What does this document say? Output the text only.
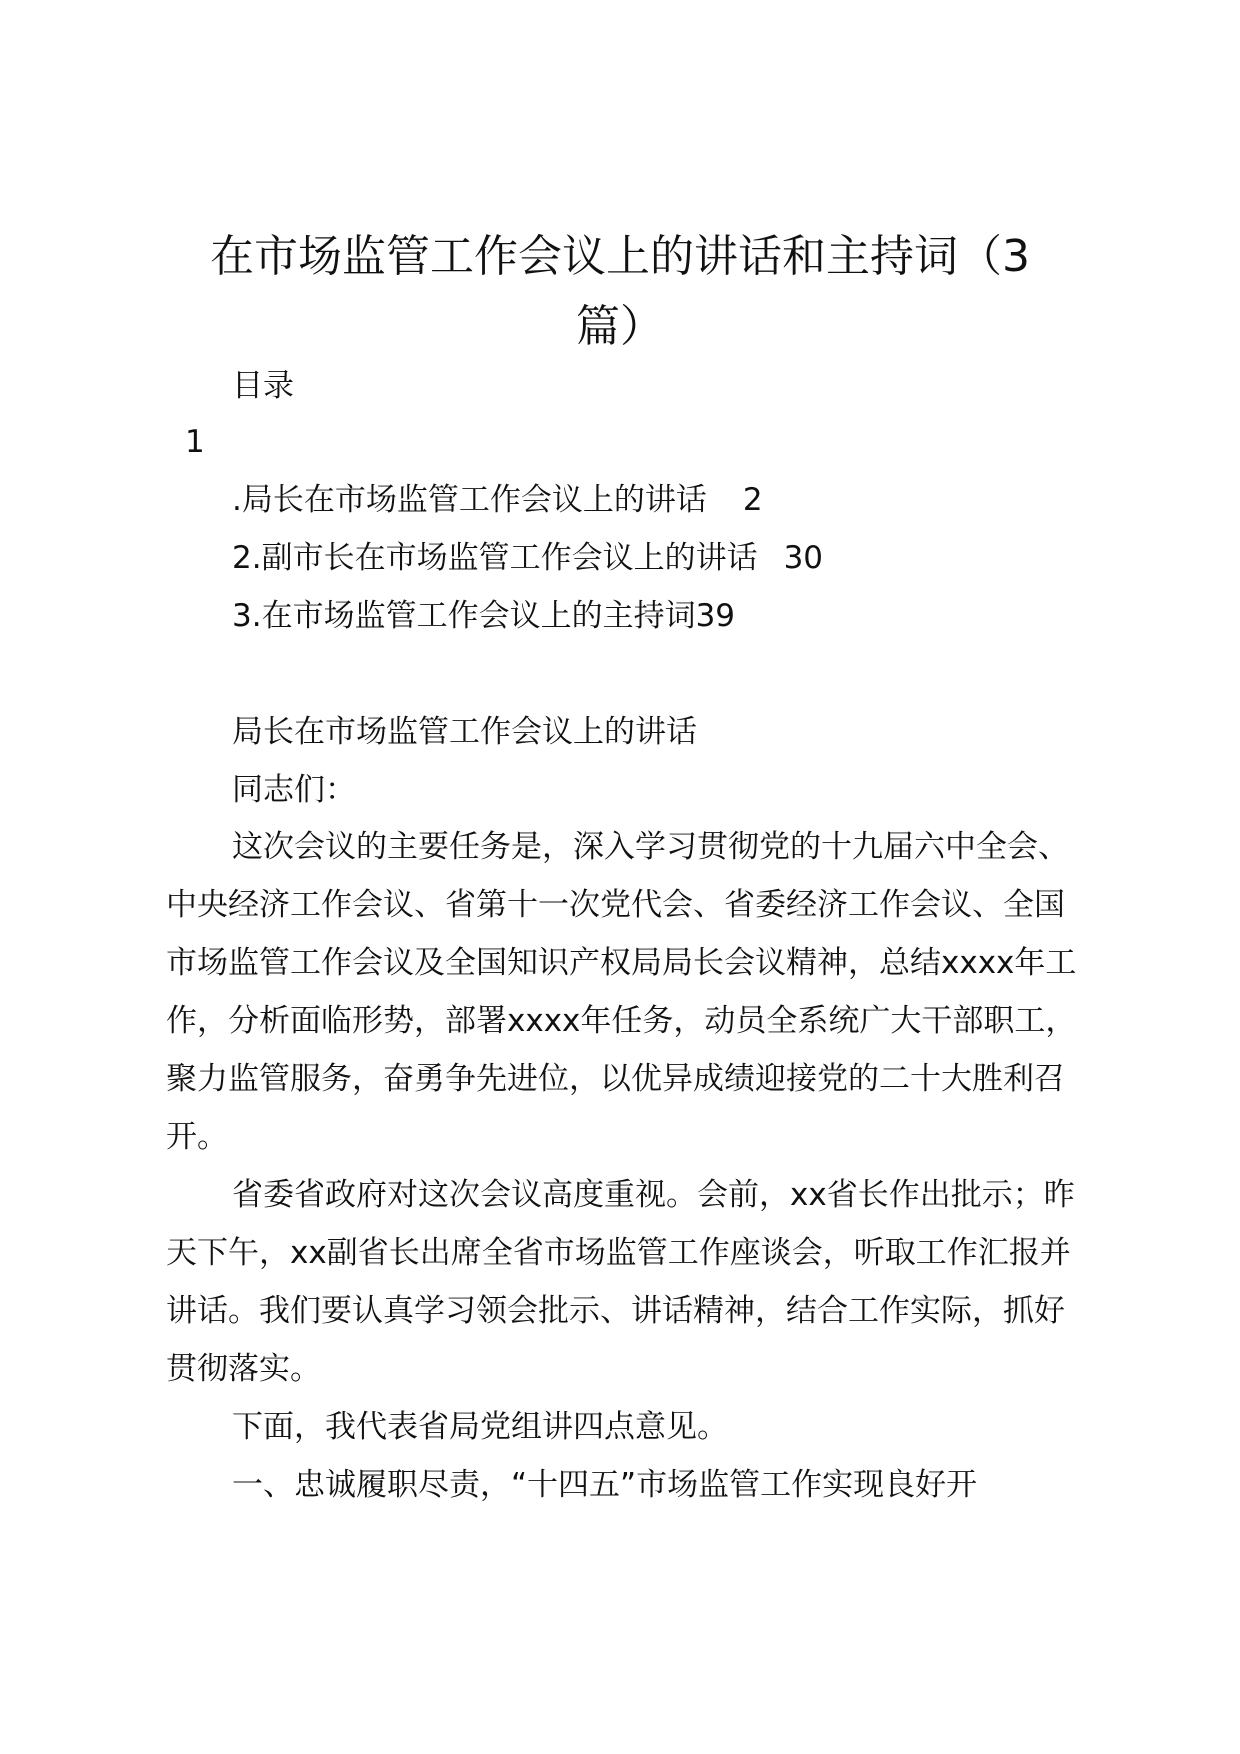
在市场监管工作会议上的讲话和主持词（3
篇）
目录
1
.局长在市场监管工作会议上的讲话 2
2.副市长在市场监管工作会议上的讲话 30
3.在市场监管工作会议上的主持词39
局长在市场监管工作会议上的讲话
同志们：

这次会议的主要任务是，深入学习贯彻党的十九届六中全会、中央经济工作会议、省第十一次党代会、省委经济工作会议、全国市场监管工作会议及全国知识产权局局长会议精神，总结xxxx年工作，分析面临形势，部署xxxx年任务，动员全系统广大干部职工，聚力监管服务，奋勇争先进位，以优异成绩迎接党的二十大胜利召开。

省委省政府对这次会议高度重视。会前，xx省长作出批示；昨天下午，xx副省长出席全省市场监管工作座谈会，听取工作汇报并讲话。我们要认真学习领会批示、讲话精神，结合工作实际，抓好贯彻落实。

下面，我代表省局党组讲四点意见。

一、忠诚履职尽责，“十四五”市场监管工作实现良好开
